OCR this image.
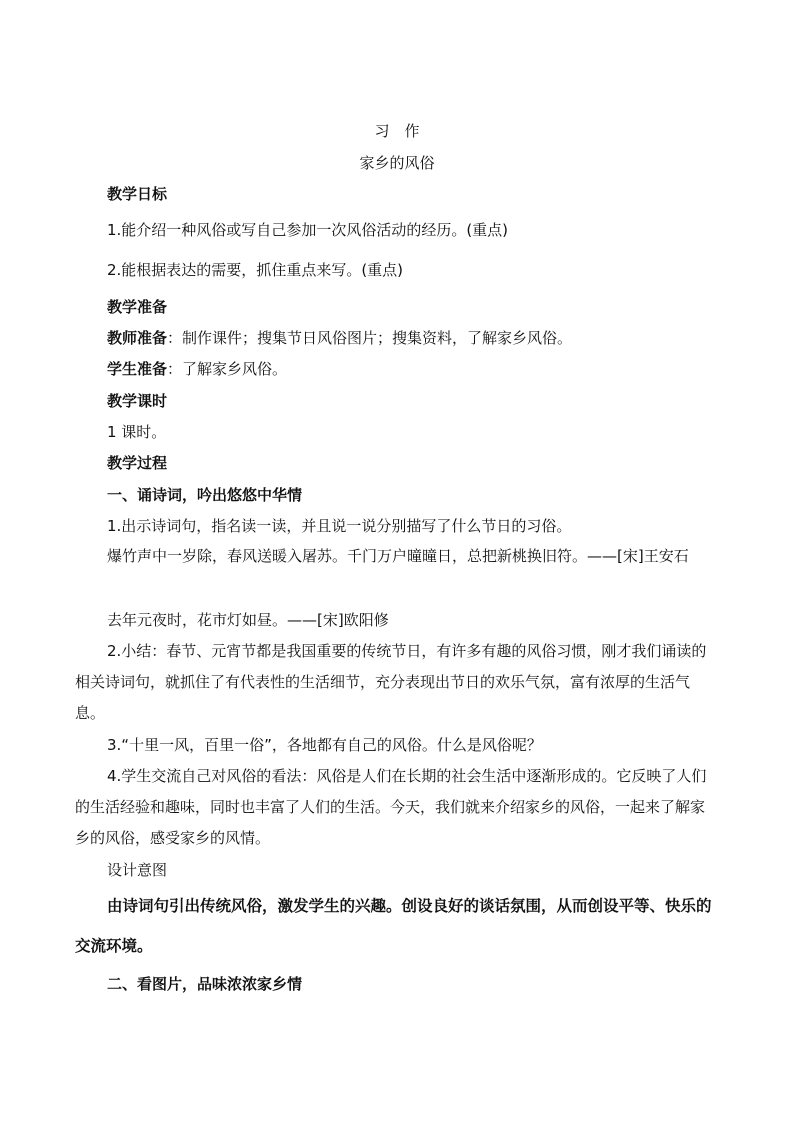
习　作
家乡的风俗
教学日标
1.能介绍一种风俗或写自己参加一次风俗活动的经历。(重点)
2.能根据表达的需要，抓住重点来写。(重点)
教学准备
教师准备：制作课件；搜集节日风俗图片；搜集资料，了解家乡风俗。
学生准备：了解家乡风俗。
教学课时
1 课时。
教学过程
一、诵诗词，吟出悠悠中华情
1.出示诗词句，指名读一读，并且说一说分别描写了什么节日的习俗。
爆竹声中一岁除，春风送暖入屠苏。千门万户曈曈日，总把新桃换旧符。——[宋]王安石
去年元夜时，花市灯如昼。——[宋]欧阳修
2.小结：春节、元宵节都是我国重要的传统节日，有许多有趣的风俗习惯，刚才我们诵读的相关诗词句，就抓住了有代表性的生活细节，充分表现出节日的欢乐气氛，富有浓厚的生活气息。
3.“十里一风，百里一俗”，各地都有自己的风俗。什么是风俗呢？
4.学生交流自己对风俗的看法：风俗是人们在长期的社会生活中逐渐形成的。它反映了人们的生活经验和趣味，同时也丰富了人们的生活。今天，我们就来介绍家乡的风俗，一起来了解家乡的风俗，感受家乡的风情。
设计意图
由诗词句引出传统风俗，激发学生的兴趣。创设良好的谈话氛围，从而创设平等、快乐的交流环境。
二、看图片，品味浓浓家乡情
